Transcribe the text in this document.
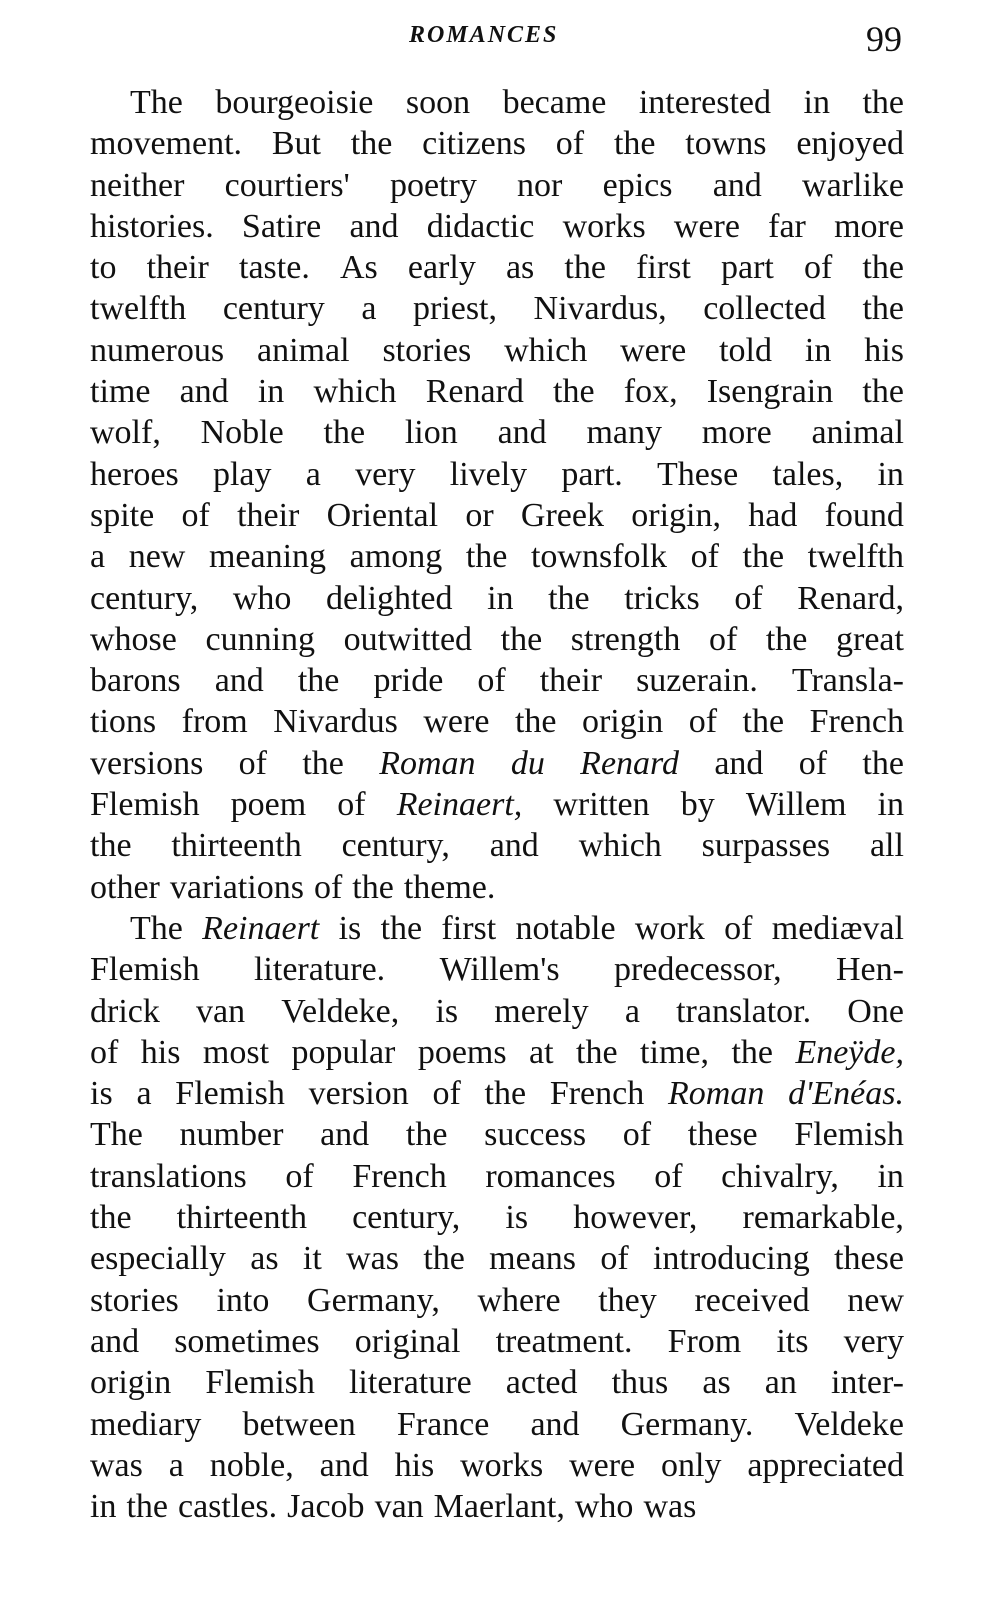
ROMANCES	99
The bourgeoisie soon became interested in the
movement. But the citizens of the towns enjoyed
neither courtiers' poetry nor epics and warlike
histories. Satire and didactic works were far more
to their taste. As early as the first part of the
twelfth century a priest, Nivardus, collected the
numerous animal stories which were told in his
time and in which Renard the fox, Isengrain the
wolf, Noble the lion and many more animal
heroes play a very lively part. These tales, in
spite of their Oriental or Greek origin, had found
a new meaning among the townsfolk of the twelfth
century, who delighted in the tricks of Renard,
whose cunning outwitted the strength of the great
barons and the pride of their suzerain. Transla-
tions from Nivardus were the origin of the French
versions of the Roman du Renard and of the
Flemish poem of Reinaert, written by Willem in
the thirteenth century, and which surpasses all
other variations of the theme.
The Reinaert is the first notable work of mediæval
Flemish literature. Willem's predecessor, Hen-
drick van Veldeke, is merely a translator. One
of his most popular poems at the time, the Eneÿde,
is a Flemish version of the French Roman d'Enéas.
The number and the success of these Flemish
translations of French romances of chivalry, in
the thirteenth century, is however, remarkable,
especially as it was the means of introducing these
stories into Germany, where they received new
and sometimes original treatment. From its very
origin Flemish literature acted thus as an inter-
mediary between France and Germany. Veldeke
was a noble, and his works were only appreciated
in the castles. Jacob van Maerlant, who was
